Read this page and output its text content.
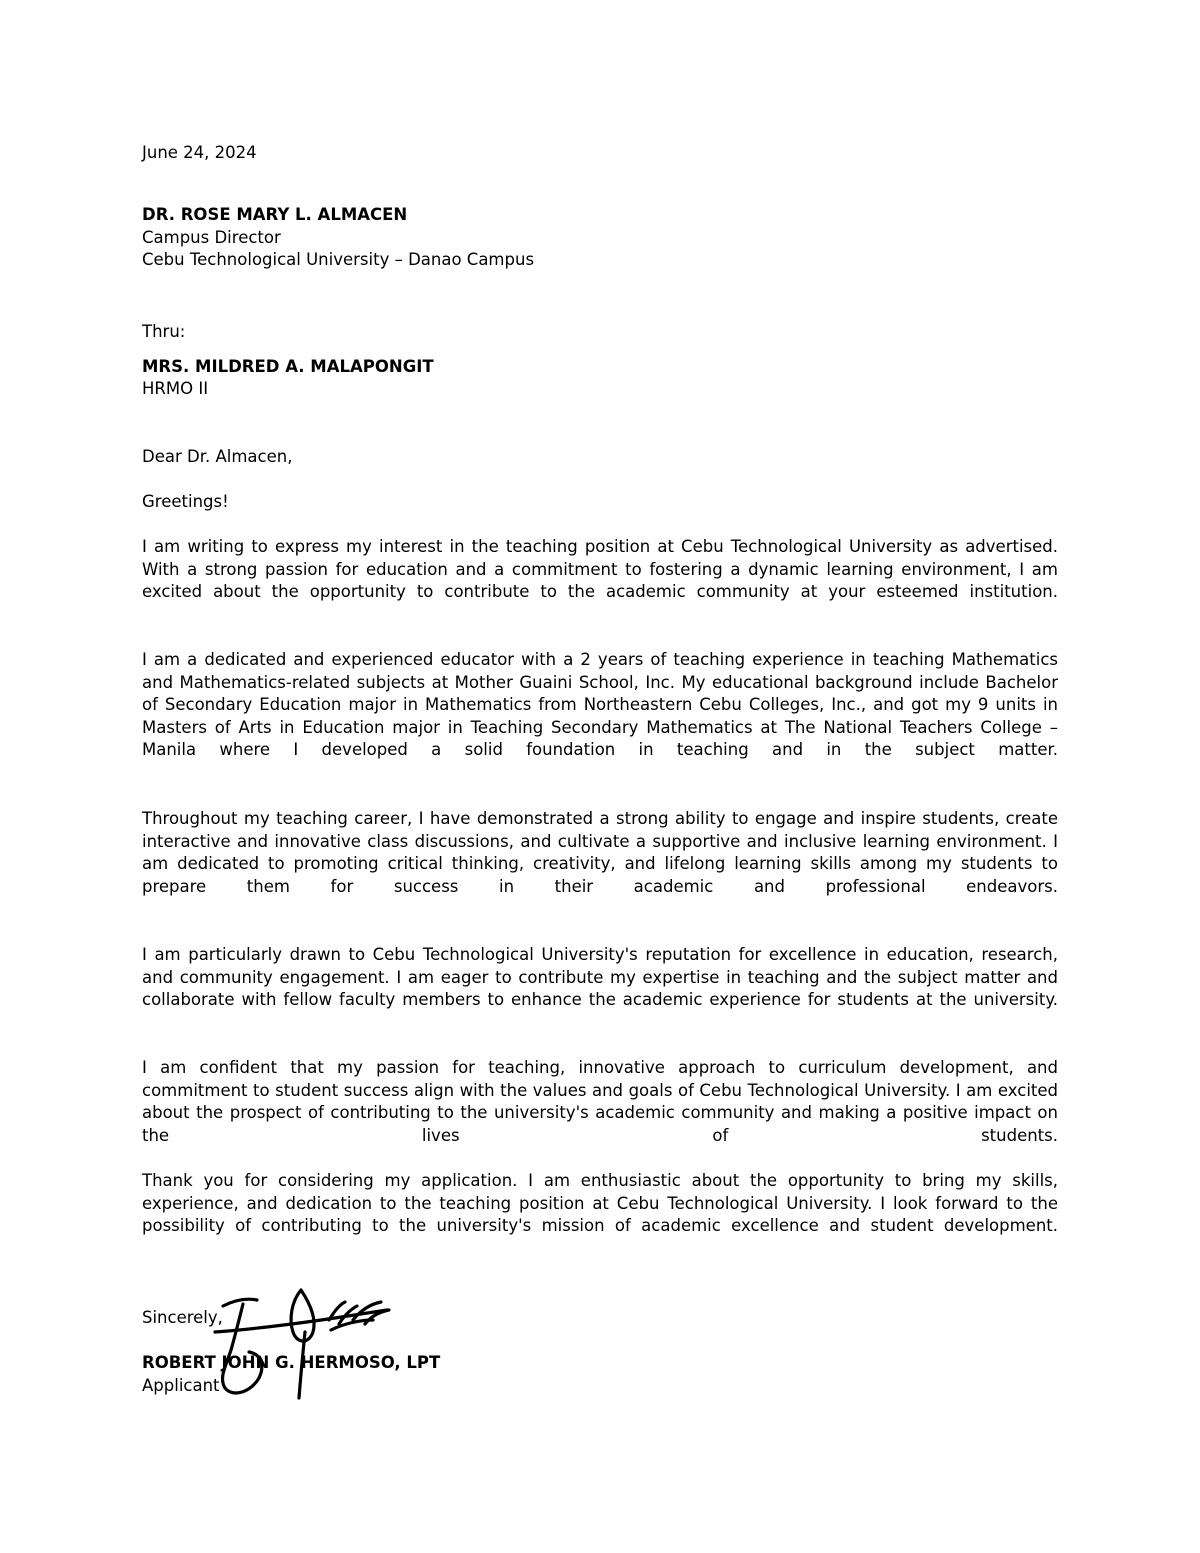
June 24, 2024
DR. ROSE MARY L. ALMACEN
Campus Director
Cebu Technological University – Danao Campus
Thru:
MRS. MILDRED A. MALAPONGIT
HRMO II
Dear Dr. Almacen,
Greetings!
I am writing to express my interest in the teaching position at Cebu Technological University as advertised. With a strong passion for education and a commitment to fostering a dynamic learning environment, I am excited about the opportunity to contribute to the academic community at your esteemed institution.
I am a dedicated and experienced educator with a 2 years of teaching experience in teaching Mathematics and Mathematics-related subjects at Mother Guaini School, Inc. My educational background include Bachelor of Secondary Education major in Mathematics from Northeastern Cebu Colleges, Inc., and got my 9 units in Masters of Arts in Education major in Teaching Secondary Mathematics at The National Teachers College – Manila where I developed a solid foundation in teaching and in the subject matter.
Throughout my teaching career, I have demonstrated a strong ability to engage and inspire students, create interactive and innovative class discussions, and cultivate a supportive and inclusive learning environment. I am dedicated to promoting critical thinking, creativity, and lifelong learning skills among my students to prepare them for success in their academic and professional endeavors.
I am particularly drawn to Cebu Technological University's reputation for excellence in education, research, and community engagement. I am eager to contribute my expertise in teaching and the subject matter and collaborate with fellow faculty members to enhance the academic experience for students at the university.
I am confident that my passion for teaching, innovative approach to curriculum development, and commitment to student success align with the values and goals of Cebu Technological University. I am excited about the prospect of contributing to the university's academic community and making a positive impact on the lives of students.
Thank you for considering my application. I am enthusiastic about the opportunity to bring my skills, experience, and dedication to the teaching position at Cebu Technological University. I look forward to the possibility of contributing to the university's mission of academic excellence and student development.
Sincerely,
ROBERT JOHN G. HERMOSO, LPT
Applicant
